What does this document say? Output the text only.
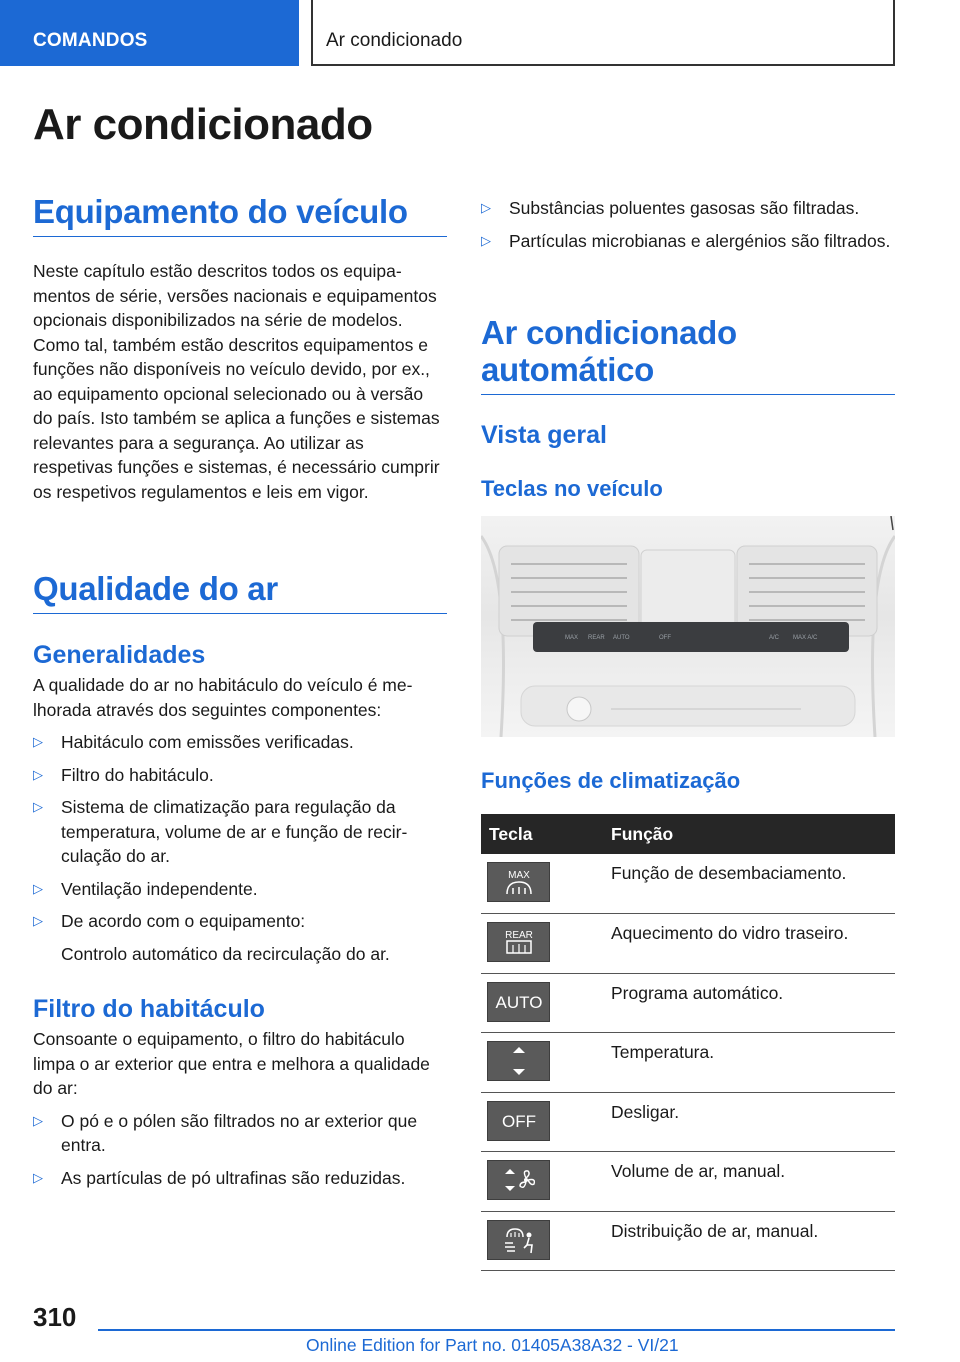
COMANDOS	Ar condicionado
Ar condicionado
Equipamento do veículo
Neste capítulo estão descritos todos os equipamentos de série, versões nacionais e equipamentos opcionais disponibilizados na série de modelos. Como tal, também estão descritos equipamentos e funções não disponíveis no veículo devido, por ex., ao equipamento opcional selecionado ou à versão do país. Isto também se aplica a funções e sistemas relevantes para a segurança. Ao utilizar as respetivas funções e sistemas, é necessário cumprir os respetivos regulamentos e leis em vigor.
Qualidade do ar
Generalidades
A qualidade do ar no habitáculo do veículo é melhorada através dos seguintes componentes:
▷ Habitáculo com emissões verificadas.
▷ Filtro do habitáculo.
▷ Sistema de climatização para regulação da temperatura, volume de ar e função de recirculação do ar.
▷ Ventilação independente.
▷ De acordo com o equipamento:
Controlo automático da recirculação do ar.
Filtro do habitáculo
Consoante o equipamento, o filtro do habitáculo limpa o ar exterior que entra e melhora a qualidade do ar:
▷ O pó e o pólen são filtrados no ar exterior que entra.
▷ As partículas de pó ultrafinas são reduzidas.
▷ Substâncias poluentes gasosas são filtradas.
▷ Partículas microbianas e alergénios são filtrados.
Ar condicionado automático
Vista geral
Teclas no veículo
Funções de climatização
MAX REAR AUTO	OFF	A/C MAX A/C
Tecla	Função

MAX	Função de desembaciamento.

REAR	Aquecimento do vidro traseiro.

AUTO	Programa automático.

	Temperatura.

OFF	Desligar.

	Volume de ar, manual.

	Distribuição de ar, manual.
310
Online Edition for Part no. 01405A38A32 - VI/21
